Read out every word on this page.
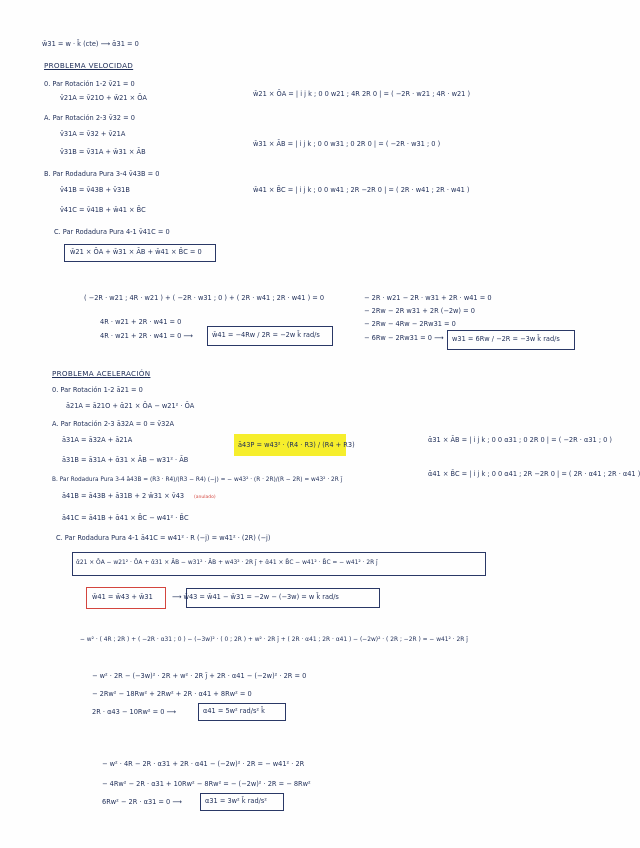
w̄31 = w · k̄ (cte) ⟶ ᾱ31 = 0
PROBLEMA VELOCIDAD
0. Par Rotación 1-2 v̄21 = 0
v̄21A = v̄21O + w̄21 × ŌA
A. Par Rotación 2-3 v̄32 = 0
v̄31A = v̄32 + v̄21A
v̄31B = v̄31A + w̄31 × ĀB
B. Par Rodadura Pura 3-4 v̄43B = 0
v̄41B = v̄43B + v̄31B
v̄41C = v̄41B + w̄41 × B̄C
C. Par Rodadura Pura 4-1 v̄41C = 0
w̄21 × ŌA + w̄31 × ĀB + w̄41 × B̄C = 0
w̄21 × ŌA = | i j k ; 0 0 w21 ; 4R 2R 0 | = ( −2R · w21 ; 4R · w21 )
w̄31 × ĀB = | i j k ; 0 0 w31 ; 0 2R 0 | = ( −2R · w31 ; 0 )
w̄41 × B̄C = | i j k ; 0 0 w41 ; 2R −2R 0 | = ( 2R · w41 ; 2R · w41 )
( −2R · w21 ; 4R · w21 ) + ( −2R · w31 ; 0 ) + ( 2R · w41 ; 2R · w41 ) = 0
4R · w21 + 2R · w41 = 0
4R · w21 + 2R · w41 = 0 ⟶	w̄41 = −4Rw / 2R = −2w k̄ rad/s
− 2R · w21 − 2R · w31 + 2R · w41 = 0
− 2Rw − 2R w31 + 2R (−2w) = 0
− 2Rw − 4Rw − 2Rw31 = 0
− 6Rw − 2Rw31 = 0 ⟶ w31 = 6Rw / −2R = −3w k̄ rad/s
PROBLEMA ACELERACIÓN
0. Par Rotación 1-2 ā21 = 0
ā21A = ā21O + ᾱ21 × ŌA − w21² · ŌA
A. Par Rotación 2-3 ā32A = 0 = v̄32A
ā31A = ā32A + ā21A
ā31B = ā31A + ᾱ31 × ĀB − w31² · ĀB
ā43P = w43² · (R4 · R3) / (R4 + R3)
ᾱ31 × ĀB = | i j k ; 0 0 α31 ; 0 2R 0 | = ( −2R · α31 ; 0 )
ᾱ41 × B̄C = | i j k ; 0 0 α41 ; 2R −2R 0 | = ( 2R · α41 ; 2R · α41 )
B. Par Rodadura Pura 3-4 ā43B = (R3 · R4)/(R3 − R4) (−j) = − w43² · (R · 2R)/(R − 2R) = w43² · 2R j̄
ā41B = ā43B + ā31B + 2 w̄31 × v̄43 (anulado)
ā41C = ā41B + ᾱ41 × B̄C − w41² · B̄C
C. Par Rodadura Pura 4-1 ā41C = w41² · R (−j) = w41² · (2R) (−j)
ᾱ21 × ŌA − w21² · ŌA + ᾱ31 × ĀB − w31² · ĀB + w43² · 2R j̄ + ᾱ41 × B̄C − w41² · B̄C = − w41² · 2R j̄
w̄41 = w̄43 + w̄31	⟶ w̄43 = w̄41 − w̄31 = −2w − (−3w) = w k̄ rad/s
− w² · ( 4R ; 2R ) + ( −2R · α31 ; 0 ) − (−3w)² · ( 0 ; 2R ) + w² · 2R j̄ + ( 2R · α41 ; 2R · α41 ) − (−2w)² · ( 2R ; −2R ) = − w41² · 2R j̄
− w² · 2R − (−3w)² · 2R + w² · 2R j̄ + 2R · α41 − (−2w)² · 2R = 0
− 2Rw² − 18Rw² + 2Rw² + 2R · α41 + 8Rw² = 0
2R · α43 − 10Rw² = 0 ⟶	α41 = 5w² rad/s² k̄
− w² · 4R − 2R · α31 + 2R · α41 − (−2w)² · 2R = − w41² · 2R
− 4Rw² − 2R · α31 + 10Rw² − 8Rw² = − (−2w)² · 2R = − 8Rw²
6Rw² − 2R · α31 = 0 ⟶	α31 = 3w² k̄ rad/s²
